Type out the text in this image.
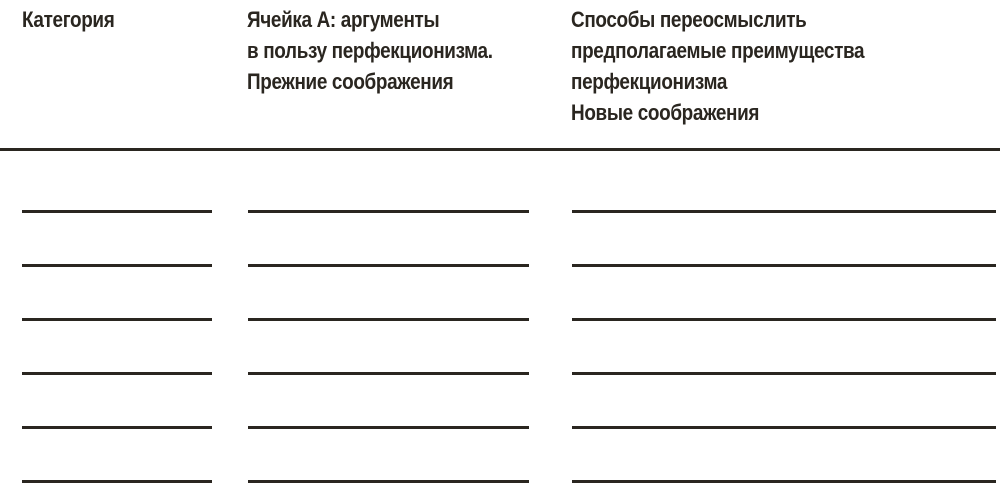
Категория	Ячейка А: аргументы
в пользу перфекционизма.
Прежние соображения
Способы переосмыслить
предполагаемые преимущества
перфекционизма
Новые соображения
